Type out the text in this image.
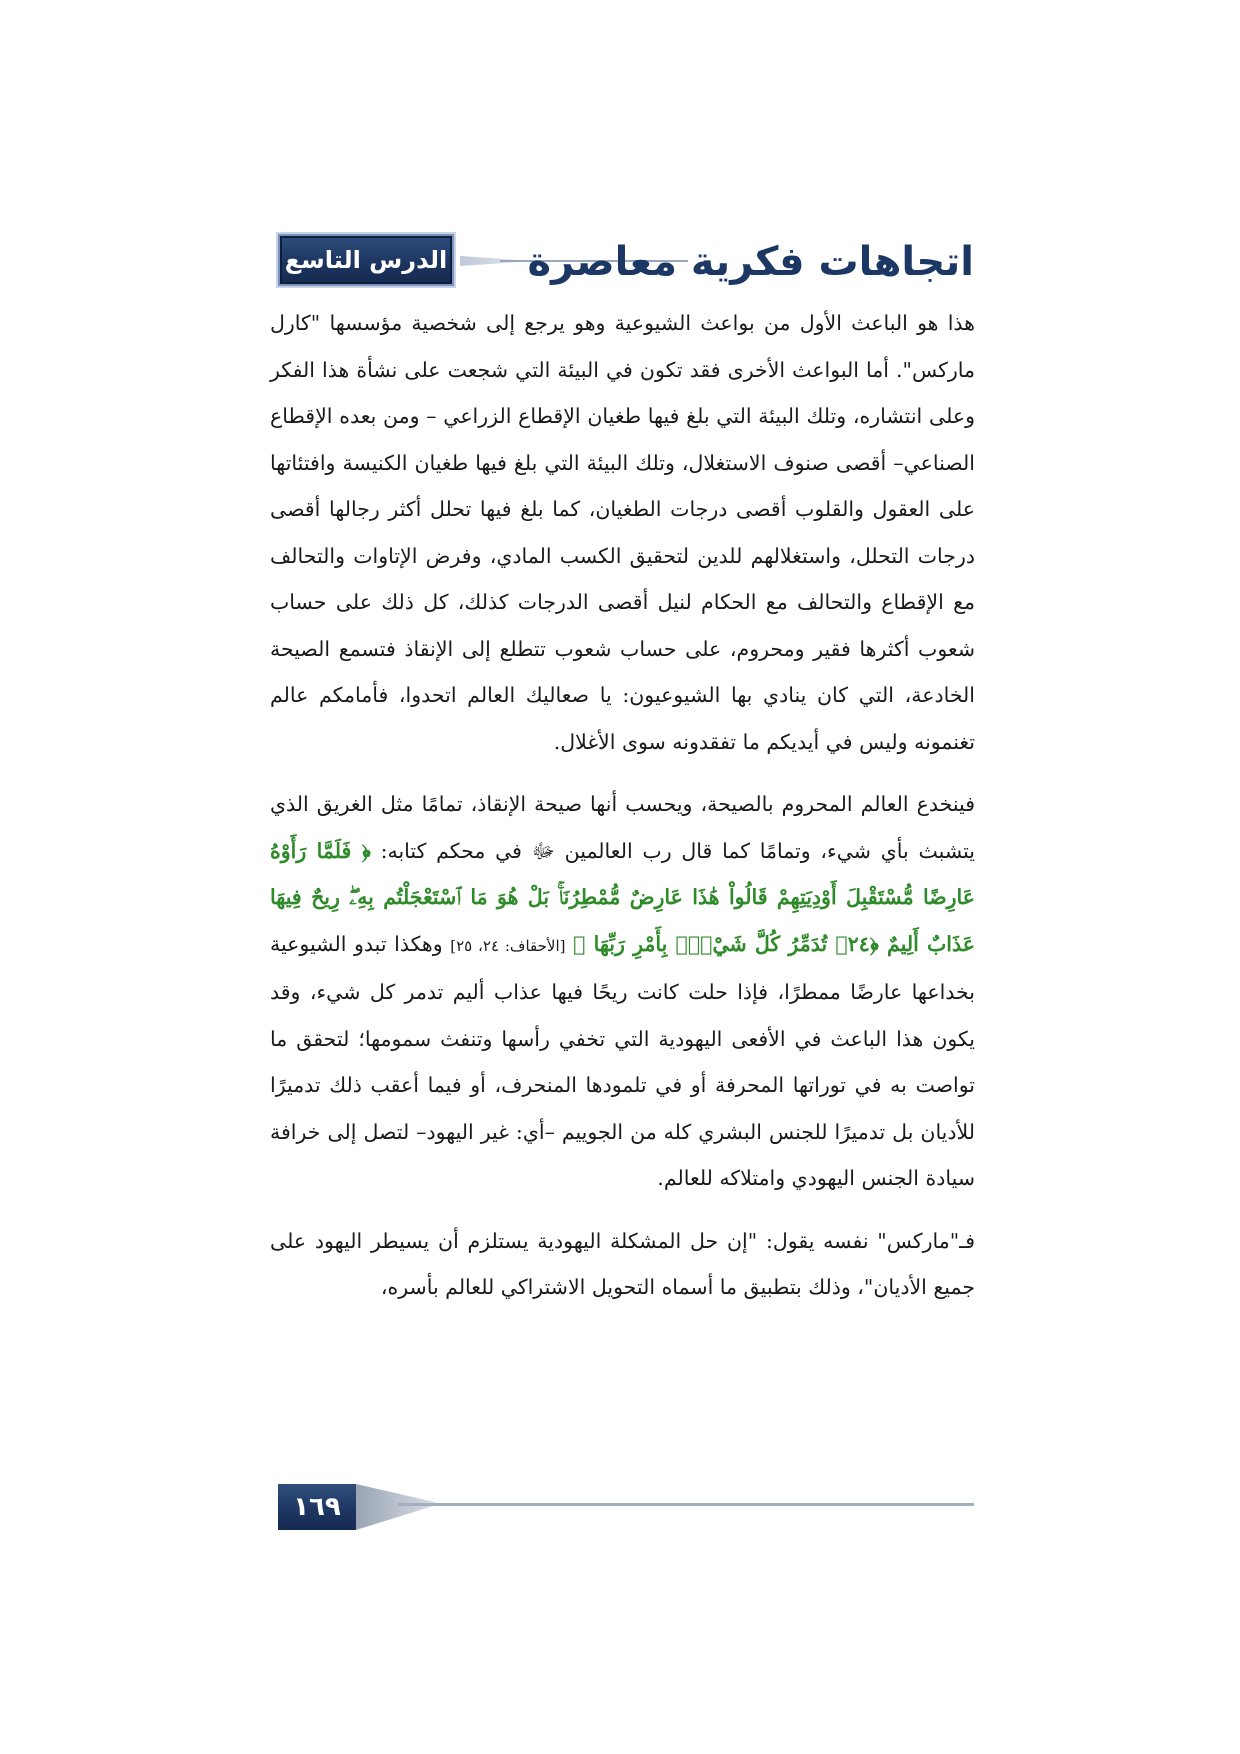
الدرس التاسع اتجاهات فكرية معاصرة

هذا هو الباعث الأول من بواعث الشيوعية وهو يرجع إلى شخصية مؤسسها "كارل ماركس". أما البواعث الأخرى فقد تكون في البيئة التي شجعت على نشأة هذا الفكر وعلى انتشاره، وتلك البيئة التي بلغ فيها طغيان الإقطاع الزراعي – ومن بعده الإقطاع الصناعي– أقصى صنوف الاستغلال، وتلك البيئة التي بلغ فيها طغيان الكنيسة وافتئاتها على العقول والقلوب أقصى درجات الطغيان، كما بلغ فيها تحلل أكثر رجالها أقصى درجات التحلل، واستغلالهم للدين لتحقيق الكسب المادي، وفرض الإتاوات والتحالف مع الإقطاع والتحالف مع الحكام لنيل أقصى الدرجات كذلك، كل ذلك على حساب شعوب أكثرها فقير ومحروم، على حساب شعوب تتطلع إلى الإنقاذ فتسمع الصيحة الخادعة، التي كان ينادي بها الشيوعيون: يا صعاليك العالم اتحدوا، فأمامكم عالم تغنمونه وليس في أيديكم ما تفقدونه سوى الأغلال.

فينخدع العالم المحروم بالصيحة، ويحسب أنها صيحة الإنقاذ، تمامًا مثل الغريق الذي يتشبث بأي شيء، وتمامًا كما قال رب العالمين ﷻ في محكم كتابه: ﴿ فَلَمَّا رَأَوْهُ عَارِضًا مُّسْتَقْبِلَ أَوْدِيَتِهِمْ قَالُواْ هَٰذَا عَارِضٌ مُّمْطِرُنَاۚ بَلْ هُوَ مَا ٱسْتَعْجَلْتُم بِهِۦۖ رِيحٌ فِيهَا عَذَابٌ أَلِيمٌ ﴿٢٤﴾ تُدَمِّرُ كُلَّ شَيْءٍۭ بِأَمْرِ رَبِّهَا ﴾ [الأحقاف: ٢٤، ٢٥] وهكذا تبدو الشيوعية بخداعها عارضًا ممطرًا، فإذا حلت كانت ريحًا فيها عذاب أليم تدمر كل شيء، وقد يكون هذا الباعث في الأفعى اليهودية التي تخفي رأسها وتنفث سمومها؛ لتحقق ما تواصت به في توراتها المحرفة أو في تلمودها المنحرف، أو فيما أعقب ذلك تدميرًا للأديان بل تدميرًا للجنس البشري كله من الجوييم –أي: غير اليهود– لتصل إلى خرافة سيادة الجنس اليهودي وامتلاكه للعالم.

فـ"ماركس" نفسه يقول: "إن حل المشكلة اليهودية يستلزم أن يسيطر اليهود على جميع الأديان"، وذلك بتطبيق ما أسماه التحويل الاشتراكي للعالم بأسره،

١٦٩
